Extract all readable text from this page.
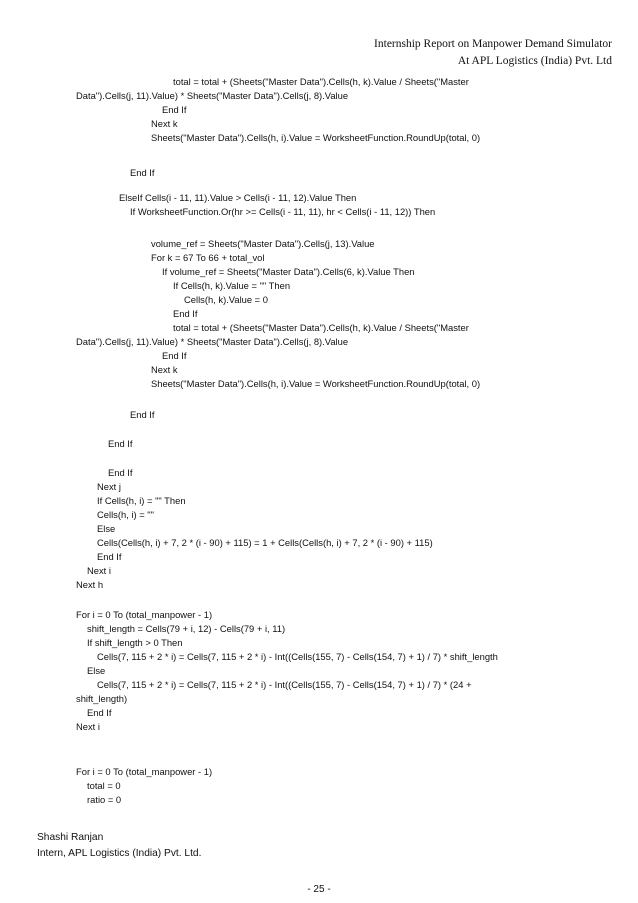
Internship Report on Manpower Demand Simulator
At APL Logistics (India) Pvt. Ltd
total = total + (Sheets("Master Data").Cells(h, k).Value / Sheets("Master
Data").Cells(j, 11).Value) * Sheets("Master Data").Cells(j, 8).Value
End If
Next k
Sheets("Master Data").Cells(h, i).Value = WorksheetFunction.RoundUp(total, 0)
End If
ElseIf Cells(i - 11, 11).Value > Cells(i - 11, 12).Value Then
If WorksheetFunction.Or(hr >= Cells(i - 11, 11), hr < Cells(i - 11, 12)) Then
volume_ref = Sheets("Master Data").Cells(j, 13).Value
For k = 67 To 66 + total_vol
If volume_ref = Sheets("Master Data").Cells(6, k).Value Then
If Cells(h, k).Value = "" Then
Cells(h, k).Value = 0
End If
total = total + (Sheets("Master Data").Cells(h, k).Value / Sheets("Master
Data").Cells(j, 11).Value) * Sheets("Master Data").Cells(j, 8).Value
End If
Next k
Sheets("Master Data").Cells(h, i).Value = WorksheetFunction.RoundUp(total, 0)
End If
End If
End If
Next j
If Cells(h, i) = "" Then
Cells(h, i) = ""
Else
Cells(Cells(h, i) + 7, 2 * (i - 90) + 115) = 1 + Cells(Cells(h, i) + 7, 2 * (i - 90) + 115)
End If
Next i
Next h
For i = 0 To (total_manpower - 1)
shift_length = Cells(79 + i, 12) - Cells(79 + i, 11)
If shift_length > 0 Then
Cells(7, 115 + 2 * i) = Cells(7, 115 + 2 * i) - Int((Cells(155, 7) - Cells(154, 7) + 1) / 7) * shift_length
Else
Cells(7, 115 + 2 * i) = Cells(7, 115 + 2 * i) - Int((Cells(155, 7) - Cells(154, 7) + 1) / 7) * (24 +
shift_length)
End If
Next i
For i = 0 To (total_manpower - 1)
total = 0
ratio = 0
Shashi Ranjan
Intern, APL Logistics (India) Pvt. Ltd.
- 25 -
